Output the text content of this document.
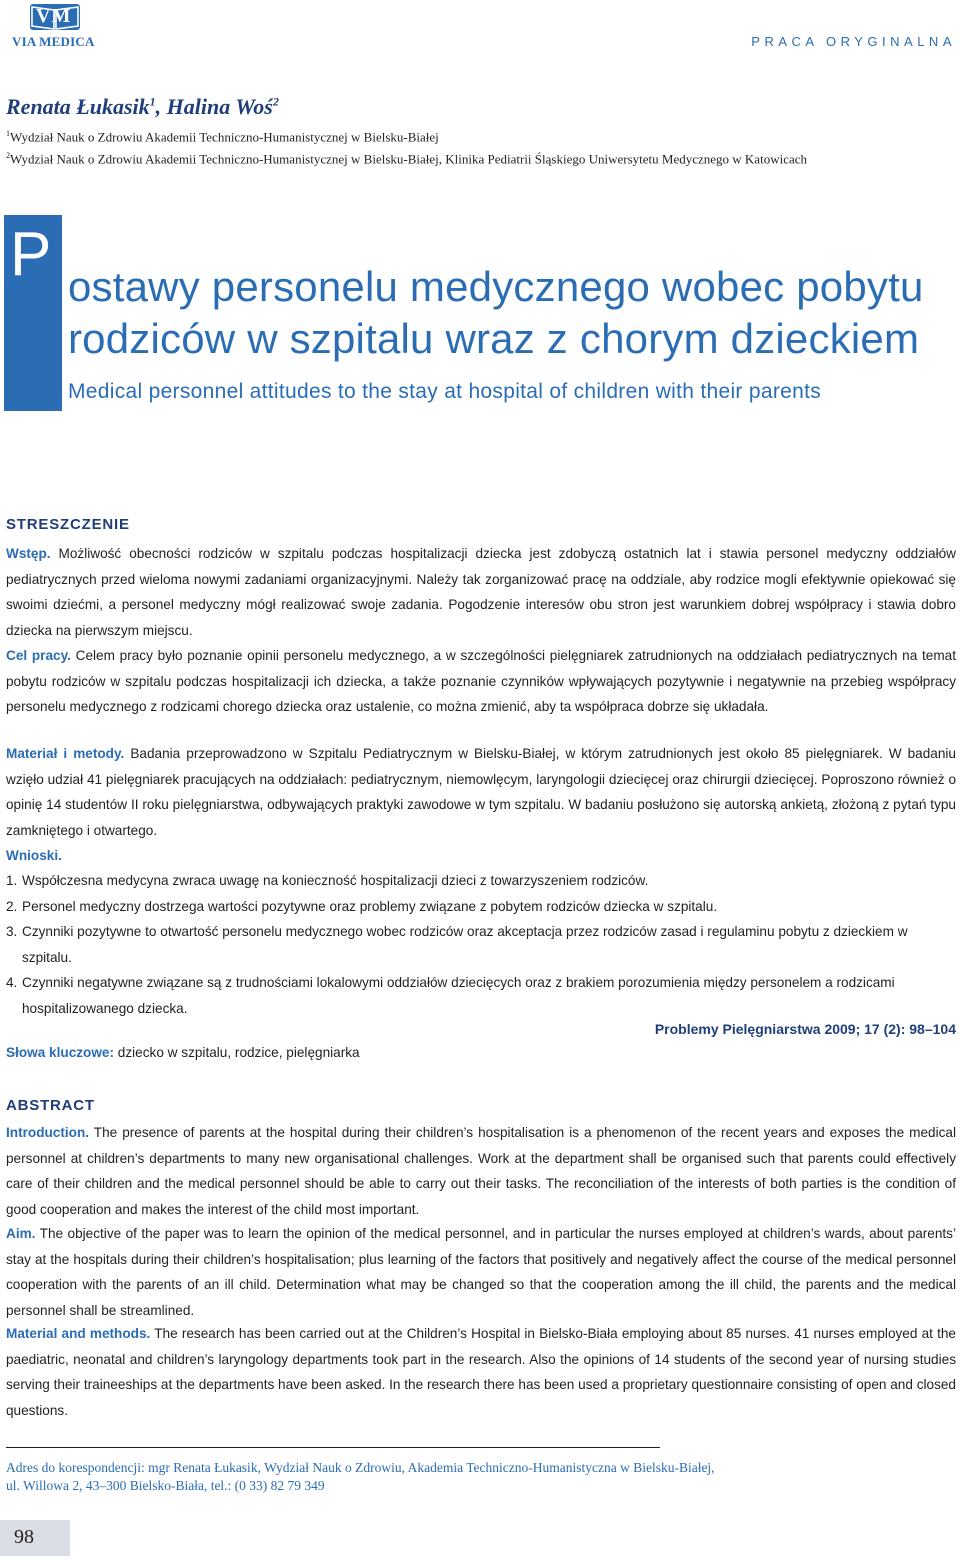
VM
VIA MEDICA	PRACA ORYGINALNA
Renata Łukasik$^1$, Halina Woś$^2$
$^1$Wydział Nauk o Zdrowiu Akademii Techniczno-Humanistycznej w Bielsku-Białej
$^2$Wydział Nauk o Zdrowiu Akademii Techniczno-Humanistycznej w Bielsku-Białej, Klinika Pediatrii Śląskiego Uniwersytetu Medycznego w Katowicach
P ostawy personelu medycznego wobec pobytu
rodziców w szpitalu wraz z chorym dzieckiem
Medical personnel attitudes to the stay at hospital of children with their parents
STRESZCZENIE
Wstęp. Możliwość obecności rodziców w szpitalu podczas hospitalizacji dziecka jest zdobyczą ostatnich lat i stawia personel medyczny oddziałów pediatrycznych przed wieloma nowymi zadaniami organizacyjnymi. Należy tak zorganizować pracę na oddziale, aby rodzice mogli efektywnie opiekować się swoimi dziećmi, a personel medyczny mógł realizować swoje zadania. Pogodzenie interesów obu stron jest warunkiem dobrej współpracy i stawia dobro dziecka na pierwszym miejscu.
Cel pracy. Celem pracy było poznanie opinii personelu medycznego, a w szczególności pielęgniarek zatrudnionych na oddziałach pediatrycznych na temat pobytu rodziców w szpitalu podczas hospitalizacji ich dziecka, a także poznanie czynników wpływających pozytywnie i negatywnie na przebieg współpracy personelu medycznego z rodzicami chorego dziecka oraz ustalenie, co można zmienić, aby ta współpraca dobrze się układała.
Materiał i metody. Badania przeprowadzono w Szpitalu Pediatrycznym w Bielsku-Białej, w którym zatrudnionych jest około 85 pielęgniarek. W badaniu wzięło udział 41 pielęgniarek pracujących na oddziałach: pediatrycznym, niemowlęcym, laryngologii dziecięcej oraz chirurgii dziecięcej. Poproszono również o opinię 14 studentów II roku pielęgniarstwa, odbywających praktyki zawodowe w tym szpitalu. W badaniu posłużono się autorską ankietą, złożoną z pytań typu zamkniętego i otwartego.
Wnioski.
1. Współczesna medycyna zwraca uwagę na konieczność hospitalizacji dzieci z towarzyszeniem rodziców.
2. Personel medyczny dostrzega wartości pozytywne oraz problemy związane z pobytem rodziców dziecka w szpitalu.
3. Czynniki pozytywne to otwartość personelu medycznego wobec rodziców oraz akceptacja przez rodziców zasad i regulaminu pobytu z dzieckiem w szpitalu.
4. Czynniki negatywne związane są z trudnościami lokalowymi oddziałów dziecięcych oraz z brakiem porozumienia między personelem a rodzicami hospitalizowanego dziecka.
Problemy Pielęgniarstwa 2009; 17 (2): 98–104
Słowa kluczowe: dziecko w szpitalu, rodzice, pielęgniarka
ABSTRACT
Introduction. The presence of parents at the hospital during their children’s hospitalisation is a phenomenon of the recent years and exposes the medical personnel at children’s departments to many new organisational challenges. Work at the department shall be organised such that parents could effectively care of their children and the medical personnel should be able to carry out their tasks. The reconciliation of the interests of both parties is the condition of good cooperation and makes the interest of the child most important.
Aim. The objective of the paper was to learn the opinion of the medical personnel, and in particular the nurses employed at children’s wards, about parents’ stay at the hospitals during their children’s hospitalisation; plus learning of the factors that positively and negatively affect the course of the medical personnel cooperation with the parents of an ill child. Determination what may be changed so that the cooperation among the ill child, the parents and the medical personnel shall be streamlined.
Material and methods. The research has been carried out at the Children’s Hospital in Bielsko-Biała employing about 85 nurses. 41 nurses employed at the paediatric, neonatal and children’s laryngology departments took part in the research. Also the opinions of 14 students of the second year of nursing studies serving their traineeships at the departments have been asked. In the research there has been used a proprietary questionnaire consisting of open and closed questions.
Adres do korespondencji: mgr Renata Łukasik, Wydział Nauk o Zdrowiu, Akademia Techniczno-Humanistyczna w Bielsku-Białej,
ul. Willowa 2, 43–300 Bielsko-Biała, tel.: (0 33) 82 79 349
98
